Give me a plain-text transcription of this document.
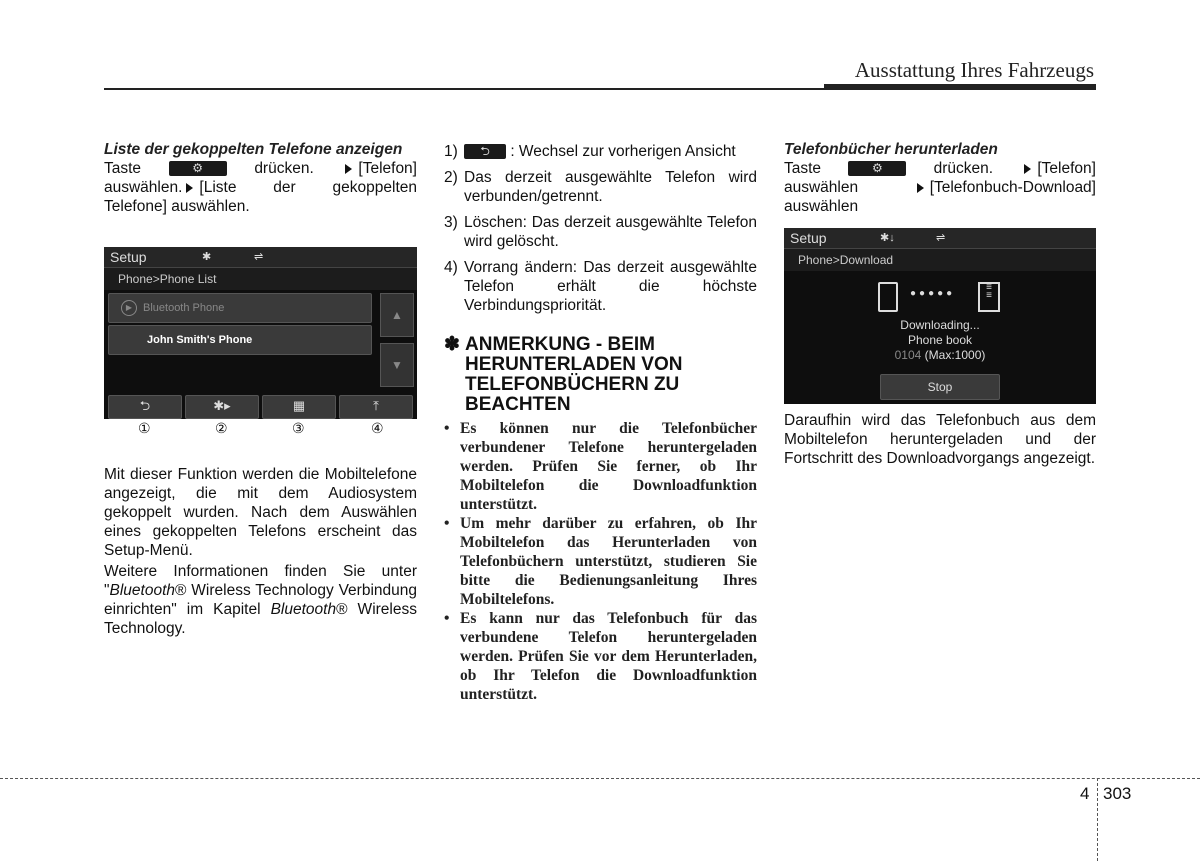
Ausstattung Ihres Fahrzeugs
Liste der gekoppelten Telefone anzeigen
Taste	⚙	drücken.	[Telefon]
auswählen. [Liste der gekoppelten Telefone] auswählen.
Setup	✱	⇌
Phone>Phone List
▶ Bluetooth Phone
John Smith's Phone
▲
▼
⮌	✱▸	▦	⤒
①	②	③	④

Mit dieser Funktion werden die Mobiltelefone angezeigt, die mit dem Audiosystem gekoppelt wurden. Nach dem Auswählen eines gekoppelten Telefons erscheint das Setup-Menü.

Weitere Informationen finden Sie unter "Bluetooth® Wireless Technology Verbindung einrichten" im Kapitel Bluetooth® Wireless Technology.

1) ⮌ : Wechsel zur vorherigen Ansicht
2) Das derzeit ausgewählte Telefon wird verbunden/getrennt.
3) Löschen: Das derzeit ausgewählte Telefon wird gelöscht.
4) Vorrang ändern: Das derzeit ausgewählte Telefon erhält die höchste Verbindungspriorität.
✽ ANMERKUNG - BEIM HERUNTERLADEN VON TELEFONBÜCHERN ZU BEACHTEN
• Es können nur die Telefonbücher verbundener Telefone heruntergeladen werden. Prüfen Sie ferner, ob Ihr Mobiltelefon die Downloadfunktion unterstützt.
• Um mehr darüber zu erfahren, ob Ihr Mobiltelefon das Herunterladen von Telefonbüchern unterstützt, studieren Sie bitte die Bedienungsanleitung Ihres Mobiltelefons.
• Es kann nur das Telefonbuch für das verbundene Telefon heruntergeladen werden. Prüfen Sie vor dem Herunterladen, ob Ihr Telefon die Downloadfunktion unterstützt.
Telefonbücher herunterladen
Taste	⚙	drücken.	[Telefon]
auswählen	[Telefonbuch-Download]
auswählen
Setup	✱↓	⇌
Phone>Download
●●●●●
≡
≡
Downloading...
Phone book
0104 (Max:1000)
Stop

Daraufhin wird das Telefonbuch aus dem Mobiltelefon heruntergeladen und der Fortschritt des Downloadvorgangs angezeigt.

4 303
